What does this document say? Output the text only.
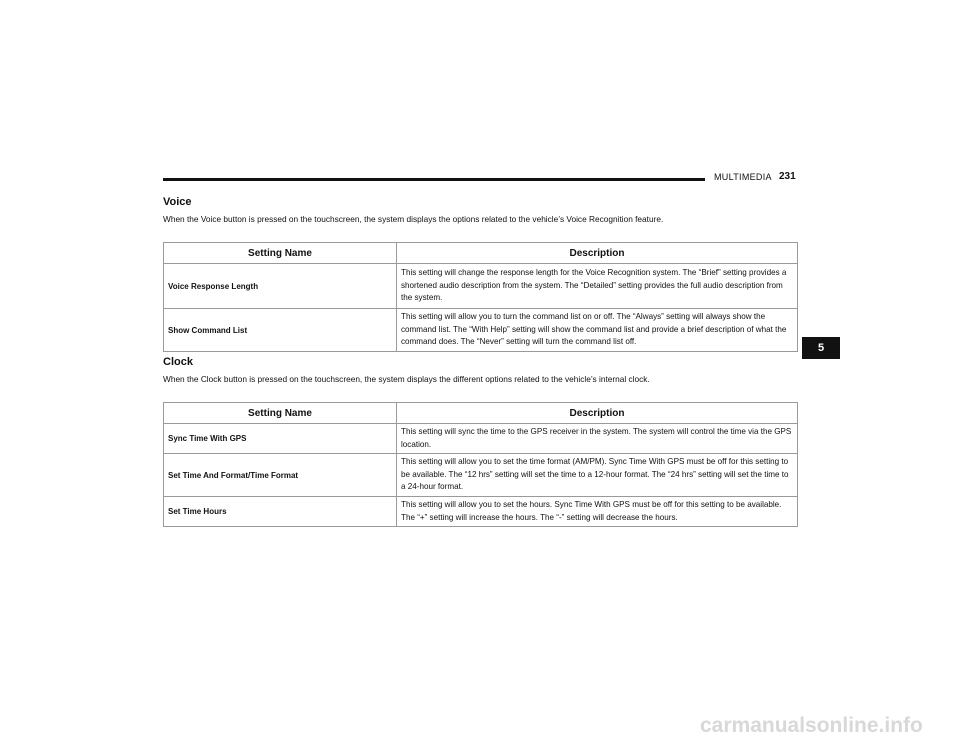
MULTIMEDIA 231
5
Voice

When the Voice button is pressed on the touchscreen, the system displays the options related to the vehicle’s Voice Recognition feature.

Setting Name	Description
Voice Response Length	This setting will change the response length for the Voice Recognition system. The “Brief” setting provides a shortened audio description from the system. The “Detailed” setting provides the full audio description from the system.
Show Command List	This setting will allow you to turn the command list on or off. The “Always” setting will always show the command list. The “With Help” setting will show the command list and provide a brief description of what the command does. The “Never” setting will turn the command list off.
Clock

When the Clock button is pressed on the touchscreen, the system displays the different options related to the vehicle’s internal clock.

Setting Name	Description
Sync Time With GPS	This setting will sync the time to the GPS receiver in the system. The system will control the time via the GPS location.
Set Time And Format/Time Format	This setting will allow you to set the time format (AM/PM). Sync Time With GPS must be off for this setting to be available. The “12 hrs” setting will set the time to a 12-hour format. The “24 hrs” setting will set the time to a 24-hour format.
Set Time Hours	This setting will allow you to set the hours. Sync Time With GPS must be off for this setting to be available. The “+” setting will increase the hours. The “-” setting will decrease the hours.
carmanualsonline.info
